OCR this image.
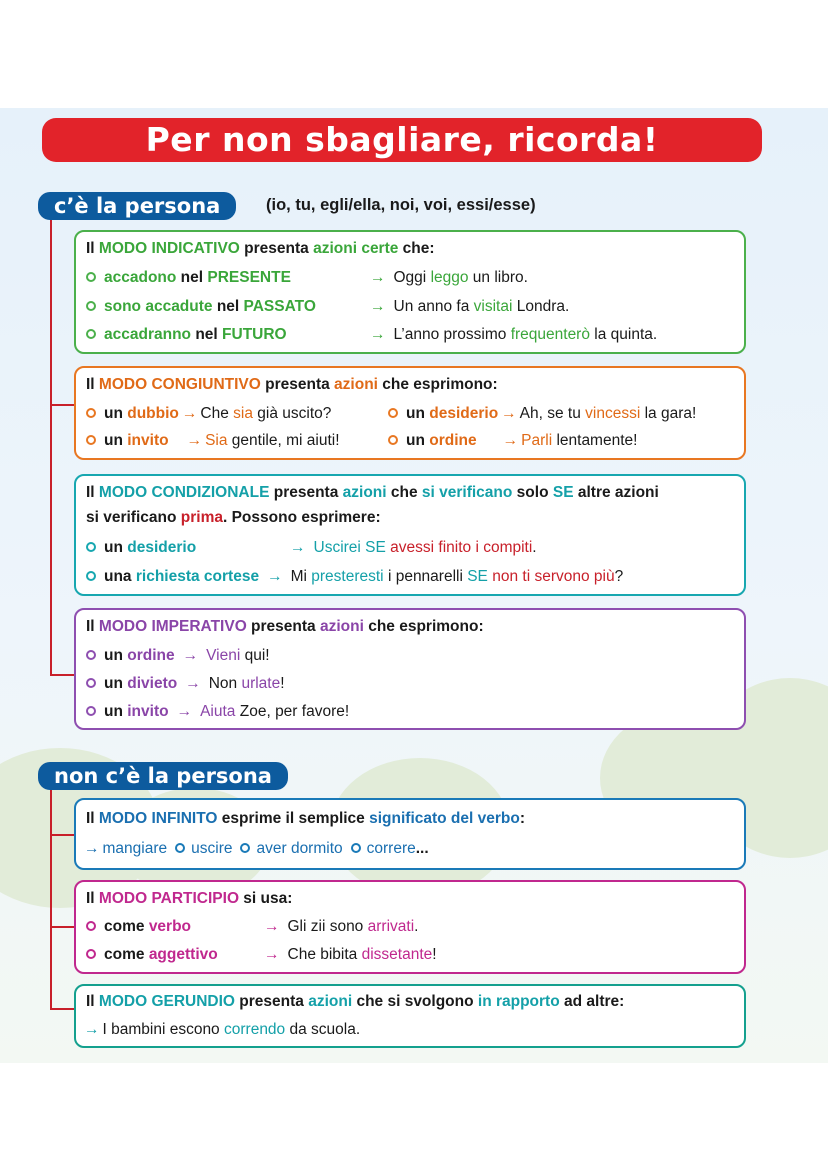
Per non sbagliare, ricorda!
c’è la persona	(io, tu, egli/ella, noi, voi, essi/esse)
Il MODO INDICATIVO presenta azioni certe che:
accadono nel PRESENTE	→ Oggi leggo un libro.
sono accadute nel PASSATO	→ Un anno fa visitai Londra.
accadranno nel FUTURO	→ L’anno prossimo frequenterò la quinta.
Il MODO CONGIUNTIVO presenta azioni che esprimono:
un dubbio → Che sia già uscito?	un desiderio → Ah, se tu vincessi la gara!
un invito → Sia gentile, mi aiuti!	un ordine → Parli lentamente!
Il MODO CONDIZIONALE presenta azioni che si verificano solo SE altre azioni
si verificano prima. Possono esprimere:
un desiderio	→ Uscirei SE avessi finito i compiti.
una richiesta cortese → Mi presteresti i pennarelli SE non ti servono più?
Il MODO IMPERATIVO presenta azioni che esprimono:
un ordine → Vieni qui!
un divieto → Non urlate!
un invito → Aiuta Zoe, per favore!
non c’è la persona
Il MODO INFINITO esprime il semplice significato del verbo:
→ mangiare uscire aver dormito correre...
Il MODO PARTICIPIO si usa:
come verbo	→ Gli zii sono arrivati.
come aggettivo	→ Che bibita dissetante!
Il MODO GERUNDIO presenta azioni che si svolgono in rapporto ad altre:
→ I bambini escono correndo da scuola.
